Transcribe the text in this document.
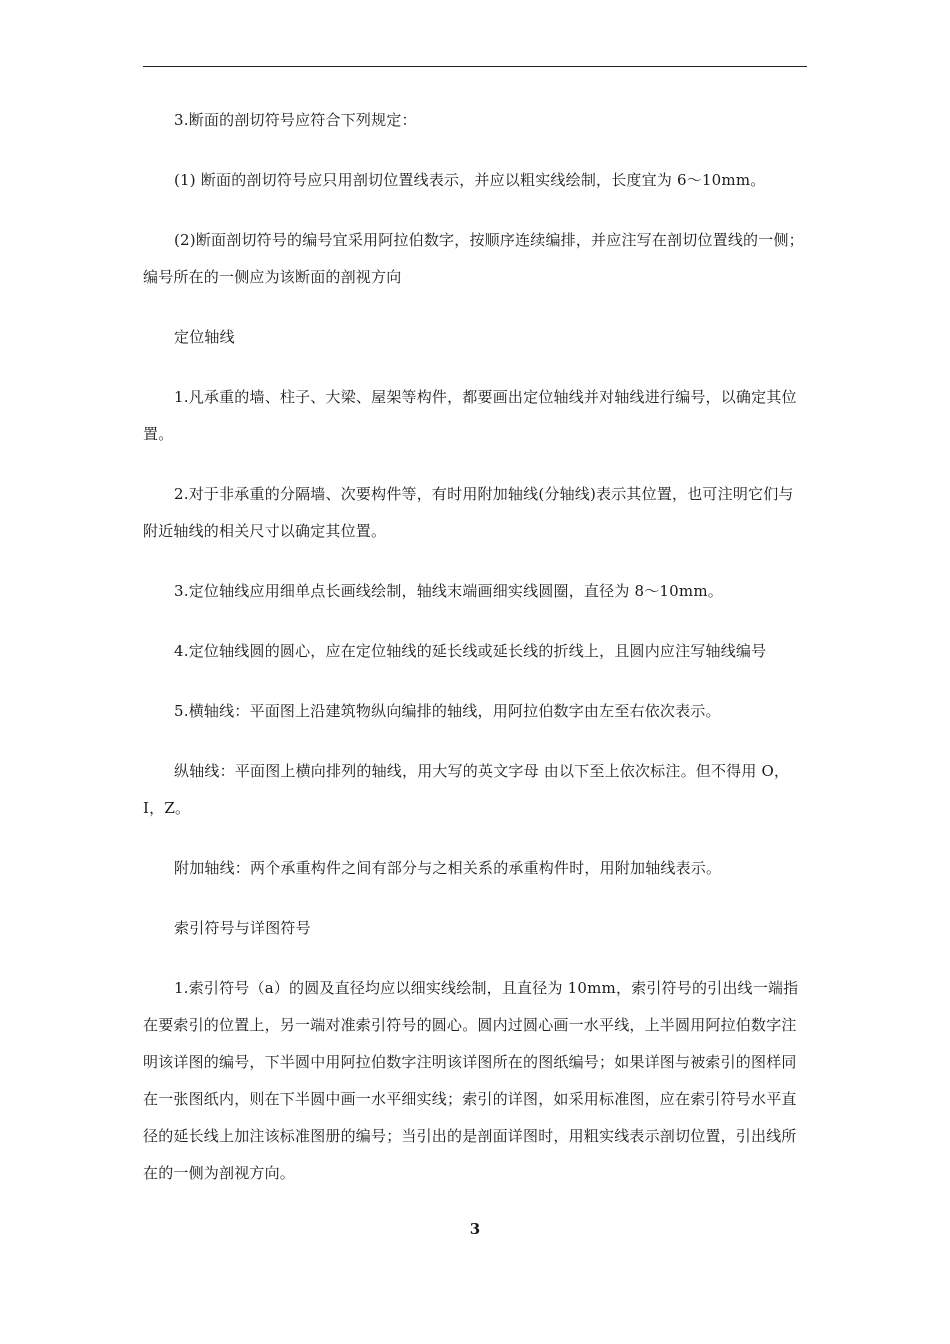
3.断面的剖切符号应符合下列规定：

(1) 断面的剖切符号应只用剖切位置线表示，并应以粗实线绘制，长度宜为 6～10mm。

(2)断面剖切符号的编号宜采用阿拉伯数字，按顺序连续编排，并应注写在剖切位置线的一侧；编号所在的一侧应为该断面的剖视方向

定位轴线

1.凡承重的墙、柱子、大梁、屋架等构件，都要画出定位轴线并对轴线进行编号，以确定其位置。

2.对于非承重的分隔墙、次要构件等，有时用附加轴线(分轴线)表示其位置，也可注明它们与附近轴线的相关尺寸以确定其位置。

3.定位轴线应用细单点长画线绘制，轴线末端画细实线圆圈，直径为 8～10mm。

4.定位轴线圆的圆心，应在定位轴线的延长线或延长线的折线上，且圆内应注写轴线编号

5.横轴线：平面图上沿建筑物纵向编排的轴线，用阿拉伯数字由左至右依次表示。

纵轴线：平面图上横向排列的轴线，用大写的英文字母 由以下至上依次标注。但不得用 O，I，Z。

附加轴线：两个承重构件之间有部分与之相关系的承重构件时，用附加轴线表示。

索引符号与详图符号

1.索引符号（a）的圆及直径均应以细实线绘制，且直径为 10mm，索引符号的引出线一端指在要索引的位置上，另一端对准索引符号的圆心。圆内过圆心画一水平线，上半圆用阿拉伯数字注明该详图的编号，下半圆中用阿拉伯数字注明该详图所在的图纸编号；如果详图与被索引的图样同在一张图纸内，则在下半圆中画一水平细实线；索引的详图，如采用标准图，应在索引符号水平直径的延长线上加注该标准图册的编号；当引出的是剖面详图时，用粗实线表示剖切位置，引出线所在的一侧为剖视方向。

3
